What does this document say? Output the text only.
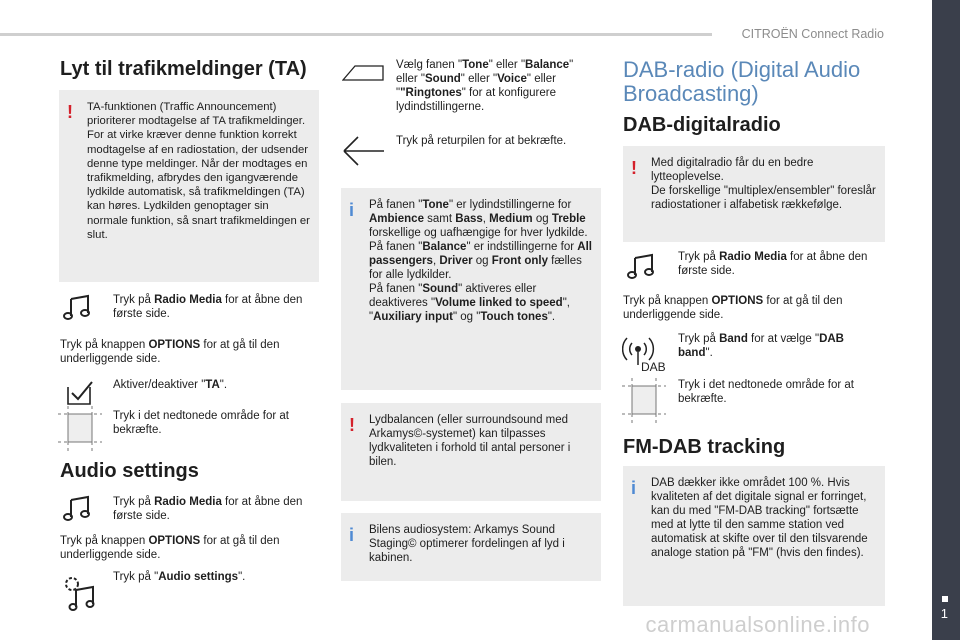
CITROËN Connect Radio
1
Lyt til trafikmeldinger (TA)
! TA-funktionen (Traffic Announcement) prioriterer modtagelse af TA trafikmeldinger. For at virke kræver denne funktion korrekt modtagelse af en radiostation, der udsender denne type meldinger. Når der modtages en trafikmelding, afbrydes den igangværende lydkilde automatisk, så trafikmeldingen (TA) kan høres. Lydkilden genoptager sin normale funktion, så snart trafikmeldingen er slut.

Tryk på Radio Media for at åbne den første side.

Tryk på knappen OPTIONS for at gå til den underliggende side.

Aktiver/deaktiver "TA".

Tryk i det nedtonede område for at bekræfte.

Audio settings

Tryk på Radio Media for at åbne den første side.

Tryk på knappen OPTIONS for at gå til den underliggende side.

Tryk på "Audio settings".

Vælg fanen "Tone" eller "Balance" eller "Sound" eller "Voice" eller ""Ringtones" for at konfigurere lydindstillingerne.

Tryk på returpilen for at bekræfte.

i På fanen "Tone" er lydindstillingerne for Ambience samt Bass, Medium og Treble forskellige og uafhængige for hver lydkilde.
På fanen "Balance" er indstillingerne for All passengers, Driver og Front only fælles for alle lydkilder.
På fanen "Sound" aktiveres eller deaktiveres "Volume linked to speed", "Auxiliary input" og "Touch tones".

! Lydbalancen (eller surroundsound med Arkamys©-systemet) kan tilpasses lydkvaliteten i forhold til antal personer i bilen.

i Bilens audiosystem: Arkamys Sound Staging© optimerer fordelingen af lyd i kabinen.

DAB-radio (Digital Audio Broadcasting)
DAB-digitalradio
! Med digitalradio får du en bedre lytteoplevelse.
De forskellige "multiplex/ensembler" foreslår radiostationer i alfabetisk rækkefølge.

Tryk på Radio Media for at åbne den første side.

Tryk på knappen OPTIONS for at gå til den underliggende side.

DAB

Tryk på Band for at vælge "DAB band".

Tryk i det nedtonede område for at bekræfte.

FM-DAB tracking
i DAB dækker ikke området 100 %. Hvis kvaliteten af det digitale signal er forringet, kan du med "FM-DAB tracking" fortsætte med at lytte til den samme station ved automatisk at skifte over til den tilsvarende analoge station på "FM" (hvis den findes).

carmanualsonline.info
